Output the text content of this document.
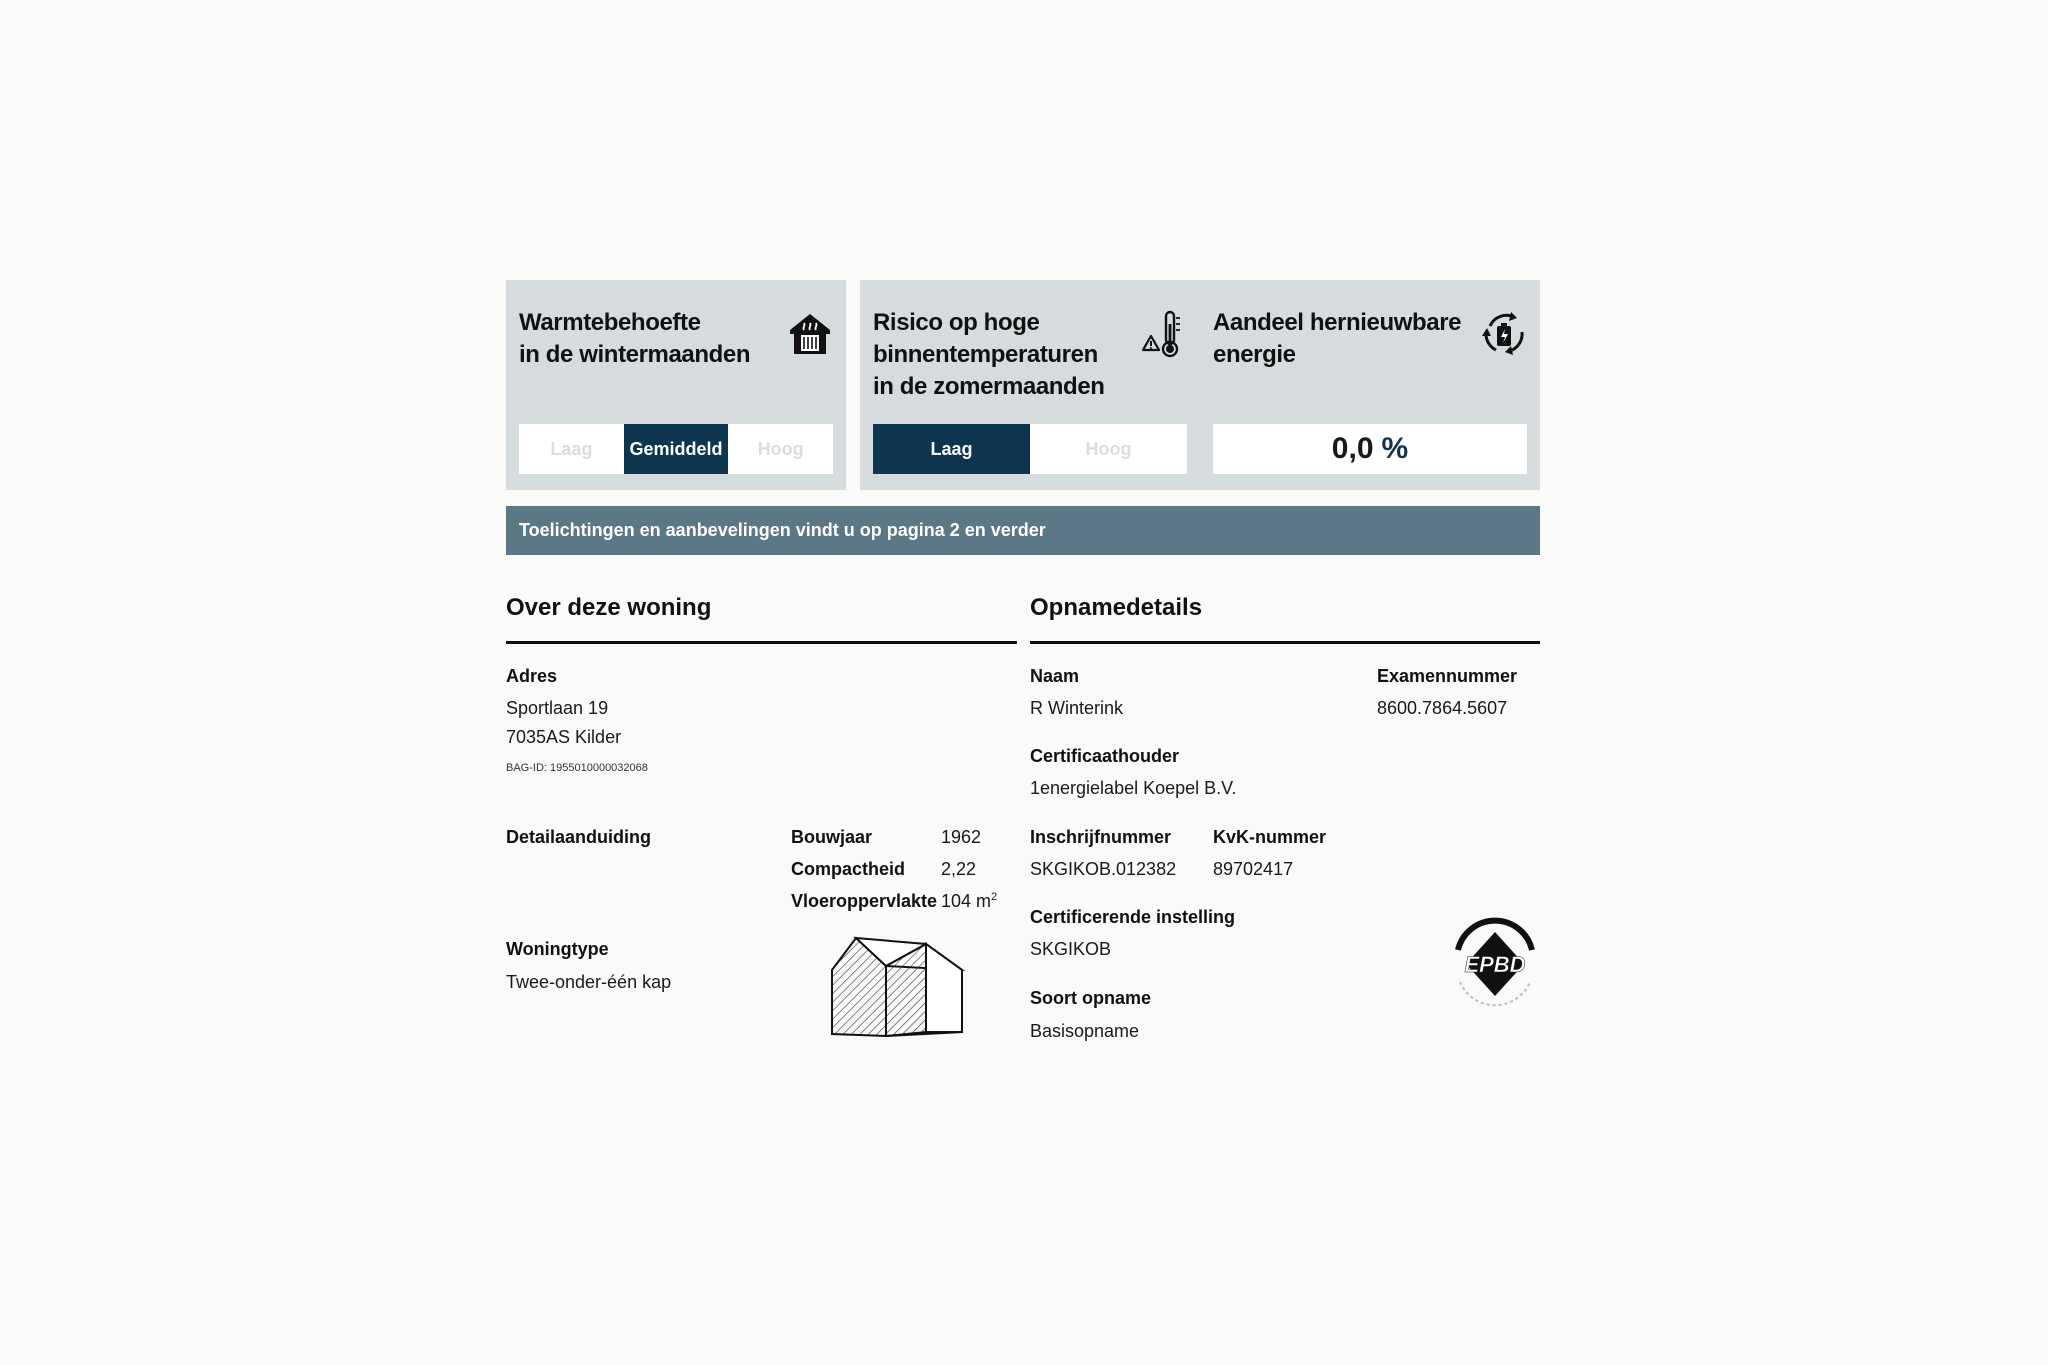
Warmtebehoefte
in de wintermaanden
Laag	Gemiddeld	Hoog
Risico op hoge
binnentemperaturen
in de zomermaanden
Laag	Hoog
Aandeel hernieuwbare
energie
0,0 %
Toelichtingen en aanbevelingen vindt u op pagina 2 en verder
Over deze woning
Adres
Sportlaan 19
7035AS Kilder
BAG-ID: 1955010000032068
Detailaanduiding	Bouwjaar	1962
Compactheid 2,22
Vloeroppervlakte 104 $m^2$
Woningtype
Twee-onder-één kap
Opnamedetails
Naam
R Winterink
Examennummer
8600.7864.5607
Certificaathouder
1energielabel Koepel B.V.
Inschrijfnummer
SKGIKOB.012382
KvK-nummer
89702417
Certificerende instelling
SKGIKOB
Soort opname
Basisopname
EPBD
